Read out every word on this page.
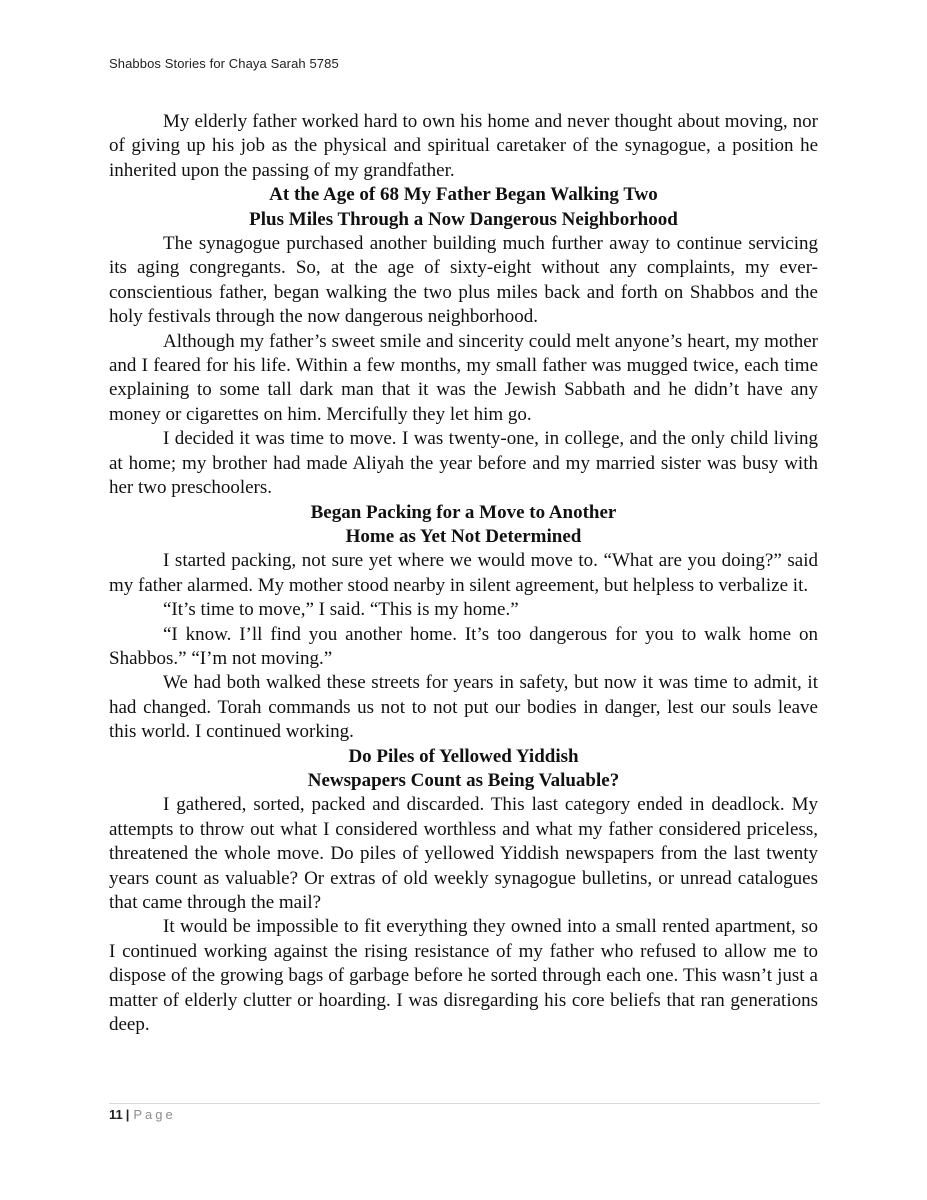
Shabbos Stories for Chaya Sarah 5785

My elderly father worked hard to own his home and never thought about moving, nor of giving up his job as the physical and spiritual caretaker of the synagogue, a position he inherited upon the passing of my grandfather.

At the Age of 68 My Father Began Walking Two
Plus Miles Through a Now Dangerous Neighborhood

The synagogue purchased another building much further away to continue servicing its aging congregants. So, at the age of sixty-eight without any complaints, my ever-conscientious father, began walking the two plus miles back and forth on Shabbos and the holy festivals through the now dangerous neighborhood.

Although my father’s sweet smile and sincerity could melt anyone’s heart, my mother and I feared for his life. Within a few months, my small father was mugged twice, each time explaining to some tall dark man that it was the Jewish Sabbath and he didn’t have any money or cigarettes on him. Mercifully they let him go.

I decided it was time to move. I was twenty-one, in college, and the only child living at home; my brother had made Aliyah the year before and my married sister was busy with her two preschoolers.

Began Packing for a Move to Another
Home as Yet Not Determined

I started packing, not sure yet where we would move to. “What are you doing?” said my father alarmed. My mother stood nearby in silent agreement, but helpless to verbalize it.

“It’s time to move,” I said. “This is my home.”

“I know. I’ll find you another home. It’s too dangerous for you to walk home on Shabbos.” “I’m not moving.”

We had both walked these streets for years in safety, but now it was time to admit, it had changed. Torah commands us not to not put our bodies in danger, lest our souls leave this world. I continued working.

Do Piles of Yellowed Yiddish
Newspapers Count as Being Valuable?

I gathered, sorted, packed and discarded. This last category ended in deadlock. My attempts to throw out what I considered worthless and what my father considered priceless, threatened the whole move. Do piles of yellowed Yiddish newspapers from the last twenty years count as valuable? Or extras of old weekly synagogue bulletins, or unread catalogues that came through the mail?

It would be impossible to fit everything they owned into a small rented apartment, so I continued working against the rising resistance of my father who refused to allow me to dispose of the growing bags of garbage before he sorted through each one. This wasn’t just a matter of elderly clutter or hoarding. I was disregarding his core beliefs that ran generations deep.

11 | Page
